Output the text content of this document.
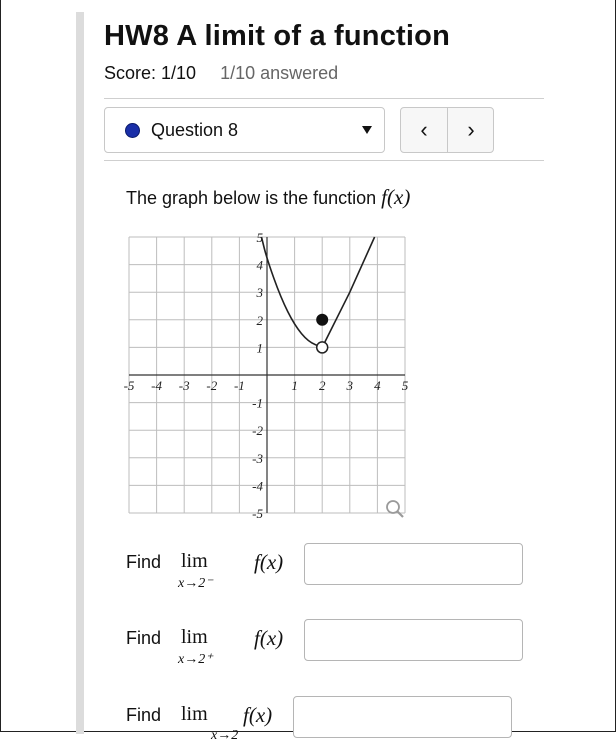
HW8 A limit of a function
Score: 1/10 1/10 answered
Question 8	‹	›
The graph below is the function f(x)
-5 -4 -3 -2 -1	1 2 3 4 5
5
4
3
2
1
-1
-2
-3
-4
-5
Find lim
x→2⁻
f(x)
Find lim
x→2⁺
f(x)
Find lim
x→2
f(x)
